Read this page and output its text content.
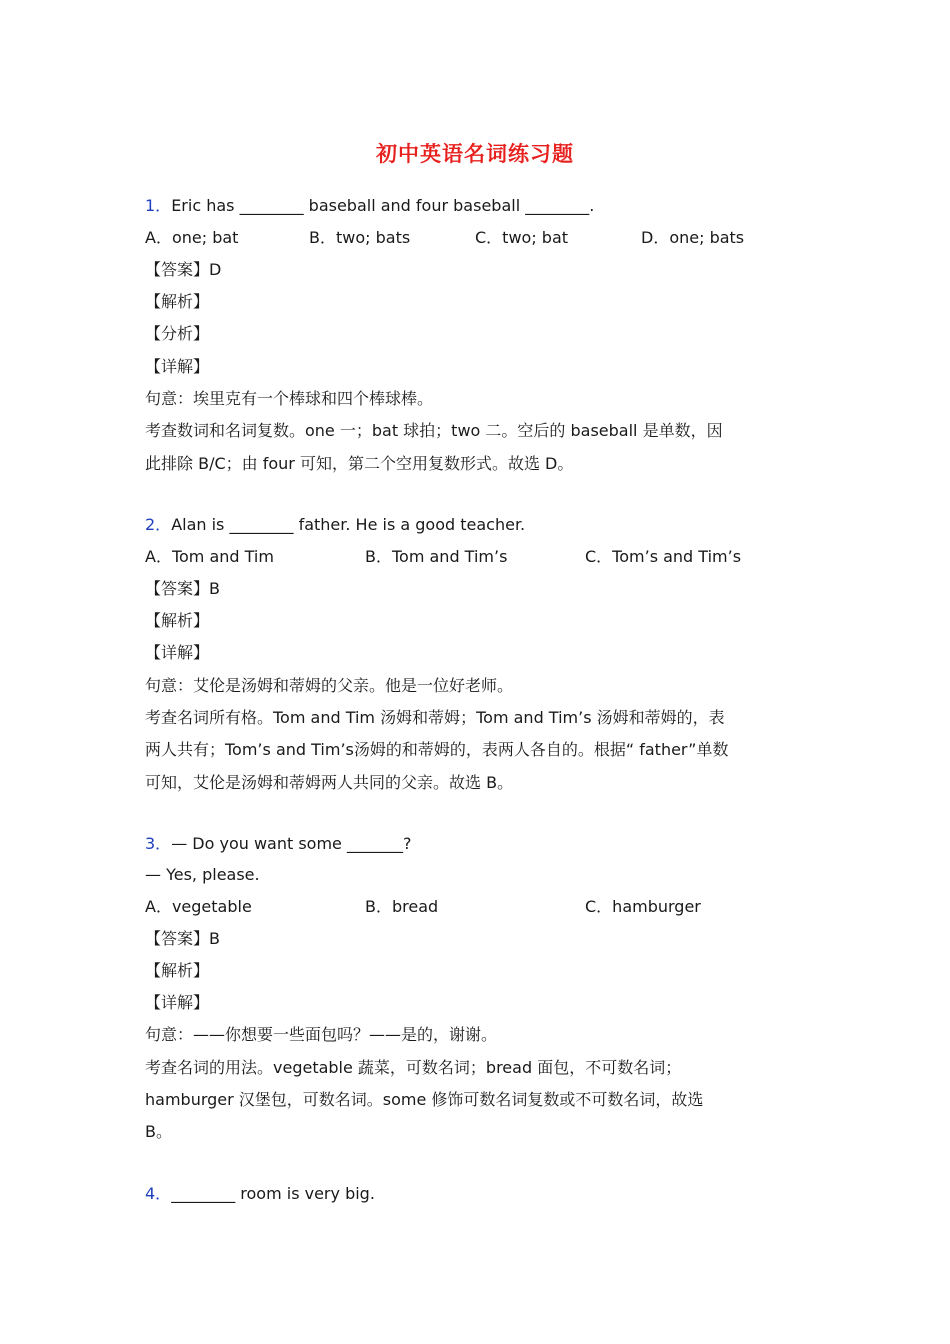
初中英语名词练习题
1．Eric has ________ baseball and four baseball ________.
A．one; bat	B．two; bats	C．two; bat	D．one; bats
【答案】D
【解析】
【分析】
【详解】
句意：埃里克有一个棒球和四个棒球棒。
考查数词和名词复数。one 一；bat 球拍；two 二。空后的 baseball 是单数，因
此排除 B/C；由 four 可知，第二个空用复数形式。故选 D。
2．Alan is ________ father. He is a good teacher.
A．Tom and Tim	B．Tom and Tim’s	C．Tom’s and Tim’s
【答案】B
【解析】
【详解】
句意：艾伦是汤姆和蒂姆的父亲。他是一位好老师。
考查名词所有格。Tom and Tim 汤姆和蒂姆；Tom and Tim’s 汤姆和蒂姆的，表
两人共有；Tom’s and Tim’s汤姆的和蒂姆的，表两人各自的。根据“ father”单数
可知，艾伦是汤姆和蒂姆两人共同的父亲。故选 B。
3．— Do you want some _______?
— Yes, please.
A．vegetable	B．bread	C．hamburger
【答案】B
【解析】
【详解】
句意：——你想要一些面包吗？——是的，谢谢。
考查名词的用法。vegetable 蔬菜，可数名词；bread 面包，不可数名词；
hamburger 汉堡包，可数名词。some 修饰可数名词复数或不可数名词，故选
B。
4．________ room is very big.
